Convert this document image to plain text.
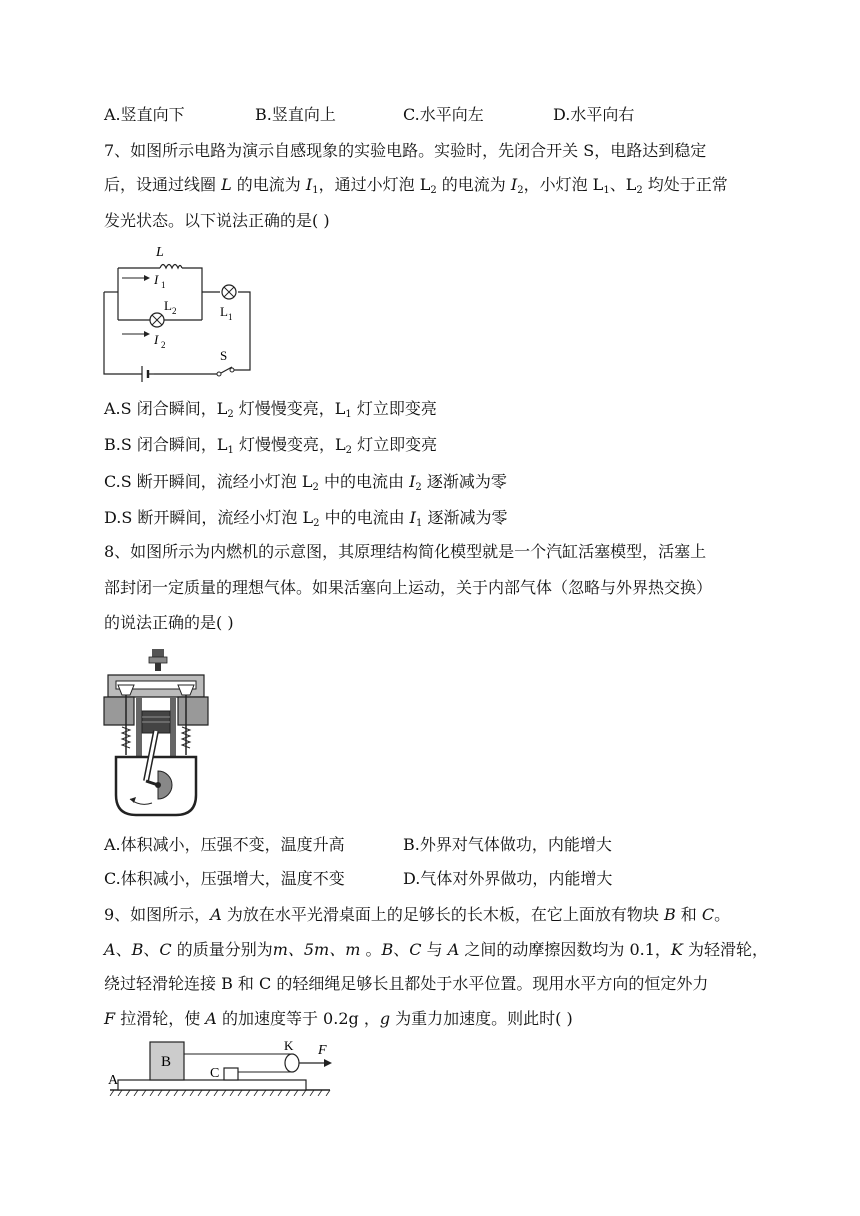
A.竖直向下	B.竖直向上	C.水平向左	D.水平向右
7、如图所示电路为演示自感现象的实验电路。实验时，先闭合开关 S，电路达到稳定
后，设通过线圈 L 的电流为 $I_1$，通过小灯泡 $L_2$ 的电流为 $I_2$，小灯泡 $L_1$、$L_2$ 均处于正常
发光状态。以下说法正确的是( )
L
I 1
L 2	L 1
I 2
S
A.S 闭合瞬间，$L_2$ 灯慢慢变亮，$L_1$ 灯立即变亮
B.S 闭合瞬间，$L_1$ 灯慢慢变亮，$L_2$ 灯立即变亮
C.S 断开瞬间，流经小灯泡 $L_2$ 中的电流由 $I_2$ 逐渐减为零
D.S 断开瞬间，流经小灯泡 $L_2$ 中的电流由 $I_1$ 逐渐减为零
8、如图所示为内燃机的示意图，其原理结构简化模型就是一个汽缸活塞模型，活塞上
部封闭一定质量的理想气体。如果活塞向上运动，关于内部气体（忽略与外界热交换）
的说法正确的是( )
A.体积减小，压强不变，温度升高	B.外界对气体做功，内能增大
C.体积减小，压强增大，温度不变	D.气体对外界做功，内能增大
9、如图所示，A 为放在水平光滑桌面上的足够长的长木板，在它上面放有物块 B 和 C。
A、B、C 的质量分别为m、5m、m 。B、C 与 A 之间的动摩擦因数均为 0.1，K 为轻滑轮，
绕过轻滑轮连接 B 和 C 的轻细绳足够长且都处于水平位置。现用水平方向的恒定外力
F 拉滑轮，使 A 的加速度等于 0.2g ，g 为重力加速度。则此时( )
A
B
C
K F
